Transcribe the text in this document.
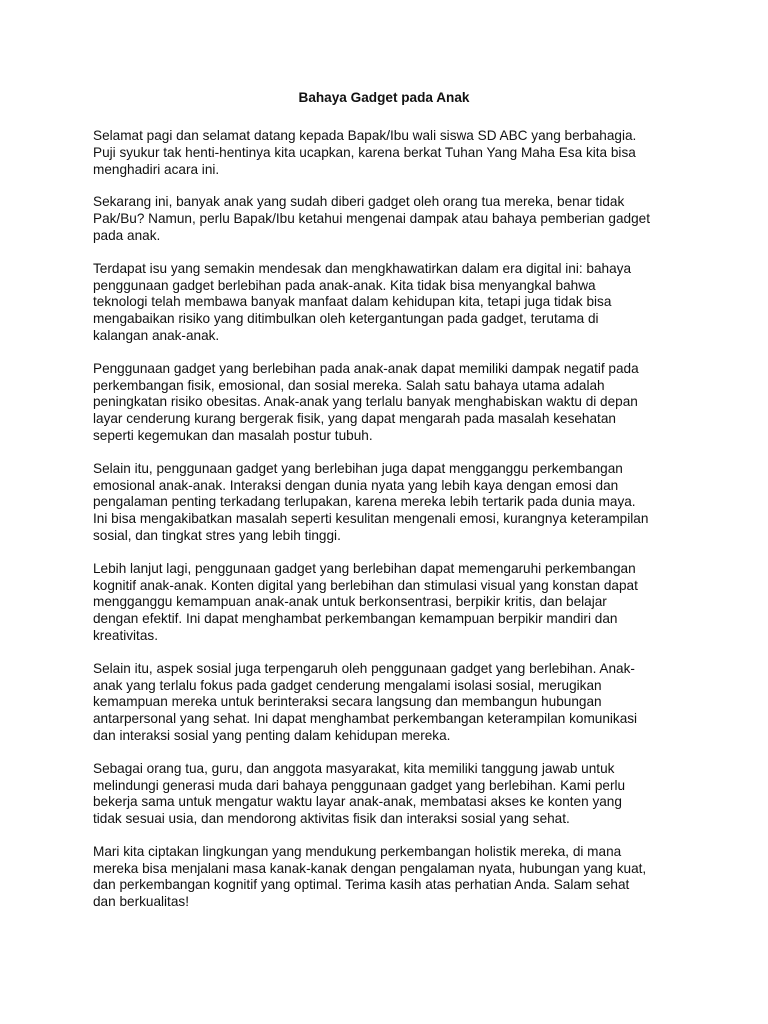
Bahaya Gadget pada Anak

Selamat pagi dan selamat datang kepada Bapak/Ibu wali siswa SD ABC yang berbahagia.
Puji syukur tak henti-hentinya kita ucapkan, karena berkat Tuhan Yang Maha Esa kita bisa
menghadiri acara ini.

Sekarang ini, banyak anak yang sudah diberi gadget oleh orang tua mereka, benar tidak
Pak/Bu? Namun, perlu Bapak/Ibu ketahui mengenai dampak atau bahaya pemberian gadget
pada anak.

Terdapat isu yang semakin mendesak dan mengkhawatirkan dalam era digital ini: bahaya
penggunaan gadget berlebihan pada anak-anak. Kita tidak bisa menyangkal bahwa
teknologi telah membawa banyak manfaat dalam kehidupan kita, tetapi juga tidak bisa
mengabaikan risiko yang ditimbulkan oleh ketergantungan pada gadget, terutama di
kalangan anak-anak.

Penggunaan gadget yang berlebihan pada anak-anak dapat memiliki dampak negatif pada
perkembangan fisik, emosional, dan sosial mereka. Salah satu bahaya utama adalah
peningkatan risiko obesitas. Anak-anak yang terlalu banyak menghabiskan waktu di depan
layar cenderung kurang bergerak fisik, yang dapat mengarah pada masalah kesehatan
seperti kegemukan dan masalah postur tubuh.

Selain itu, penggunaan gadget yang berlebihan juga dapat mengganggu perkembangan
emosional anak-anak. Interaksi dengan dunia nyata yang lebih kaya dengan emosi dan
pengalaman penting terkadang terlupakan, karena mereka lebih tertarik pada dunia maya.
Ini bisa mengakibatkan masalah seperti kesulitan mengenali emosi, kurangnya keterampilan
sosial, dan tingkat stres yang lebih tinggi.

Lebih lanjut lagi, penggunaan gadget yang berlebihan dapat memengaruhi perkembangan
kognitif anak-anak. Konten digital yang berlebihan dan stimulasi visual yang konstan dapat
mengganggu kemampuan anak-anak untuk berkonsentrasi, berpikir kritis, dan belajar
dengan efektif. Ini dapat menghambat perkembangan kemampuan berpikir mandiri dan
kreativitas.

Selain itu, aspek sosial juga terpengaruh oleh penggunaan gadget yang berlebihan. Anak-
anak yang terlalu fokus pada gadget cenderung mengalami isolasi sosial, merugikan
kemampuan mereka untuk berinteraksi secara langsung dan membangun hubungan
antarpersonal yang sehat. Ini dapat menghambat perkembangan keterampilan komunikasi
dan interaksi sosial yang penting dalam kehidupan mereka.

Sebagai orang tua, guru, dan anggota masyarakat, kita memiliki tanggung jawab untuk
melindungi generasi muda dari bahaya penggunaan gadget yang berlebihan. Kami perlu
bekerja sama untuk mengatur waktu layar anak-anak, membatasi akses ke konten yang
tidak sesuai usia, dan mendorong aktivitas fisik dan interaksi sosial yang sehat.

Mari kita ciptakan lingkungan yang mendukung perkembangan holistik mereka, di mana
mereka bisa menjalani masa kanak-kanak dengan pengalaman nyata, hubungan yang kuat,
dan perkembangan kognitif yang optimal. Terima kasih atas perhatian Anda. Salam sehat
dan berkualitas!
